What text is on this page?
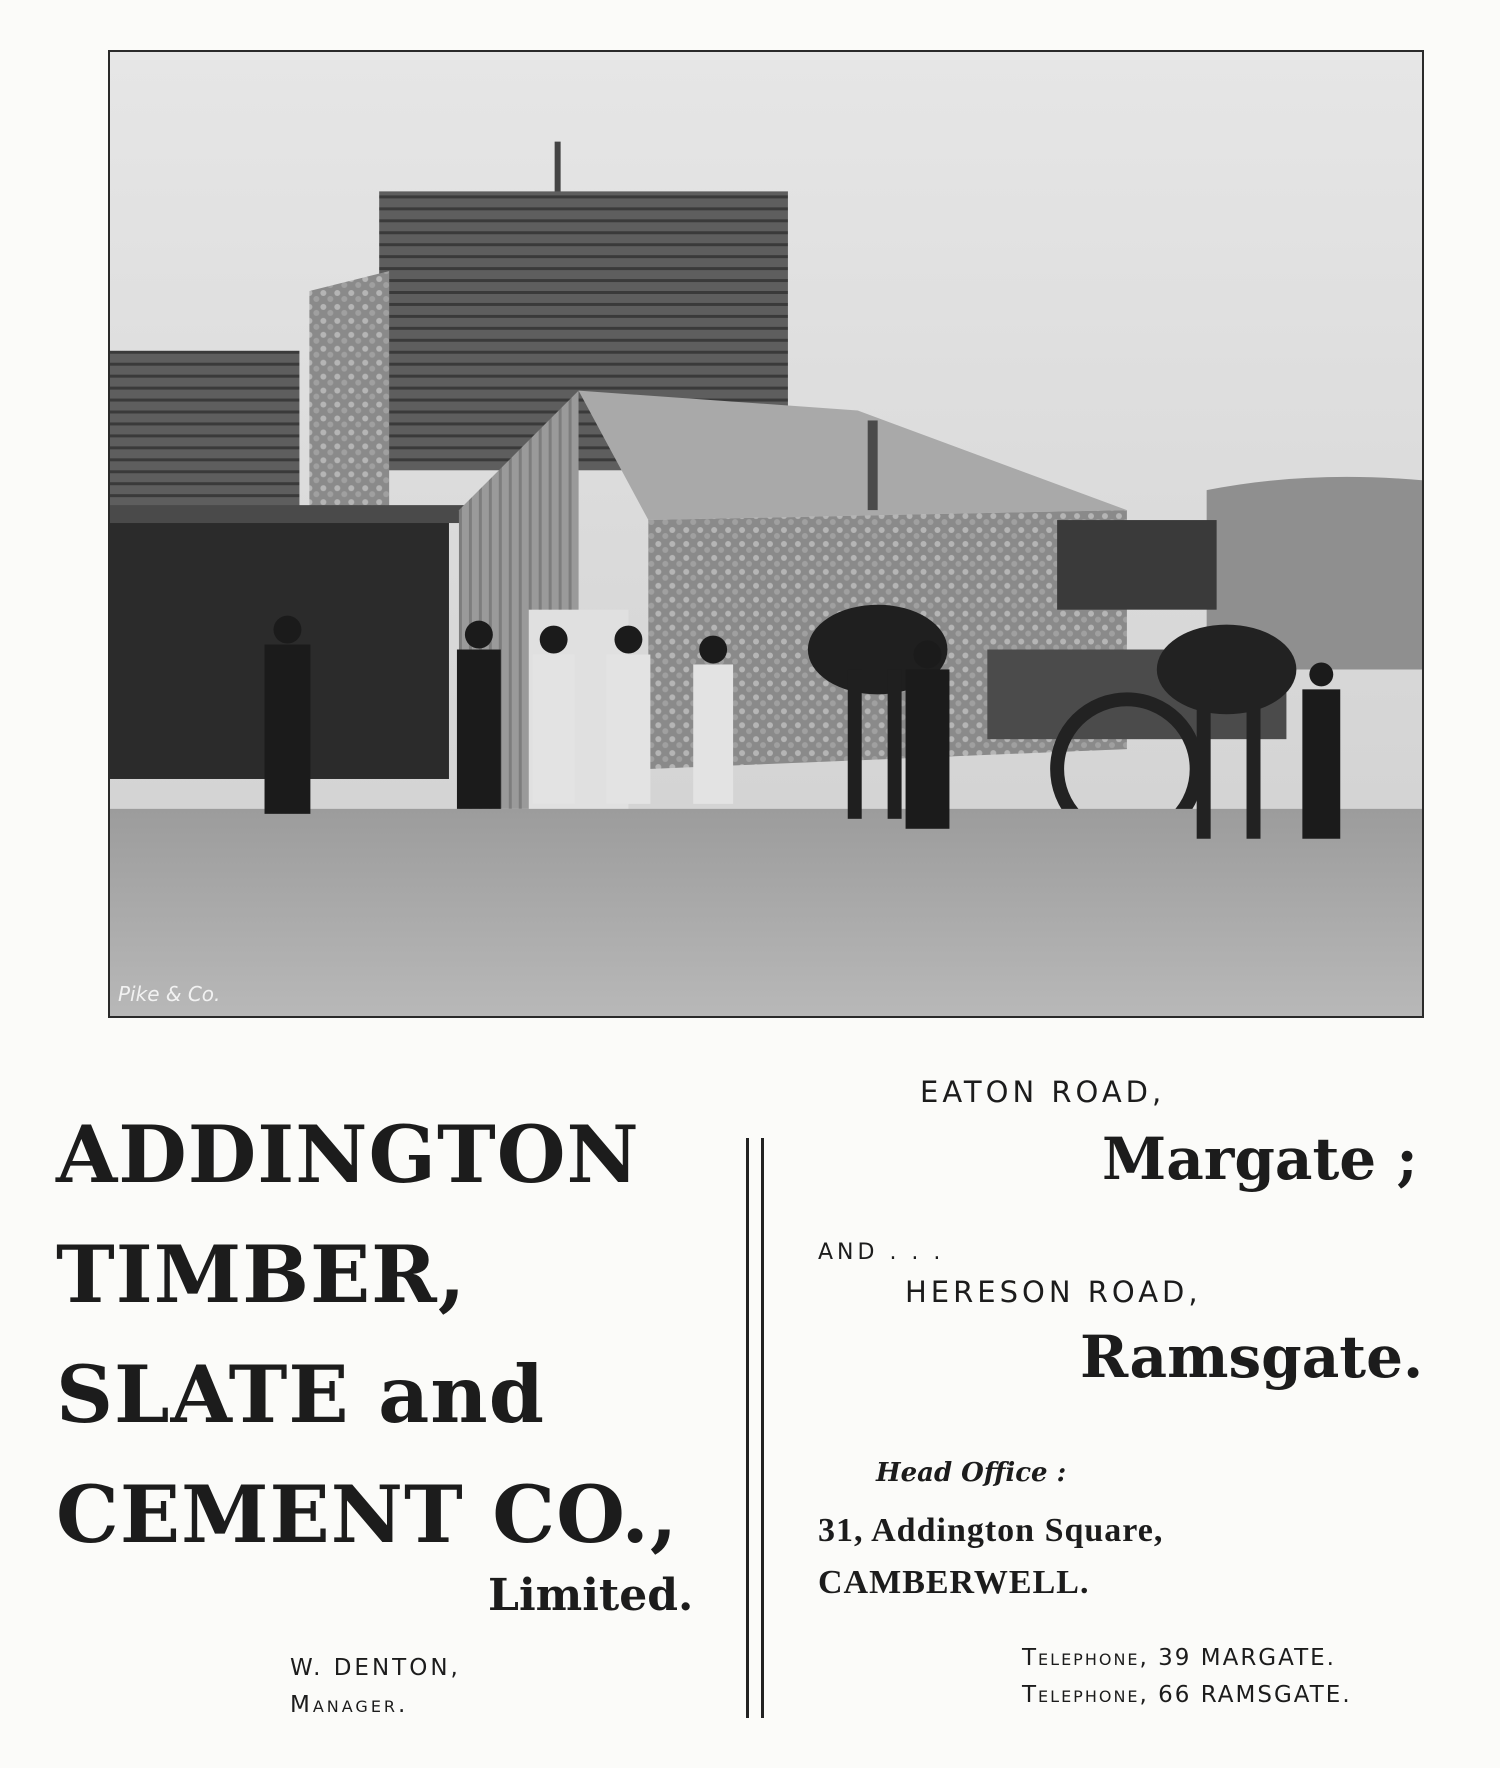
Pike & Co.
ADDINGTON
TIMBER,
SLATE and
CEMENT CO.,
Limited.
W. DENTON,
Manager.
EATON ROAD,
Margate ;
AND . . .
HERESON ROAD,
Ramsgate.
Head Office :
31, Addington Square,
CAMBERWELL.
Telephone, 39 MARGATE.
Telephone, 66 RAMSGATE.
